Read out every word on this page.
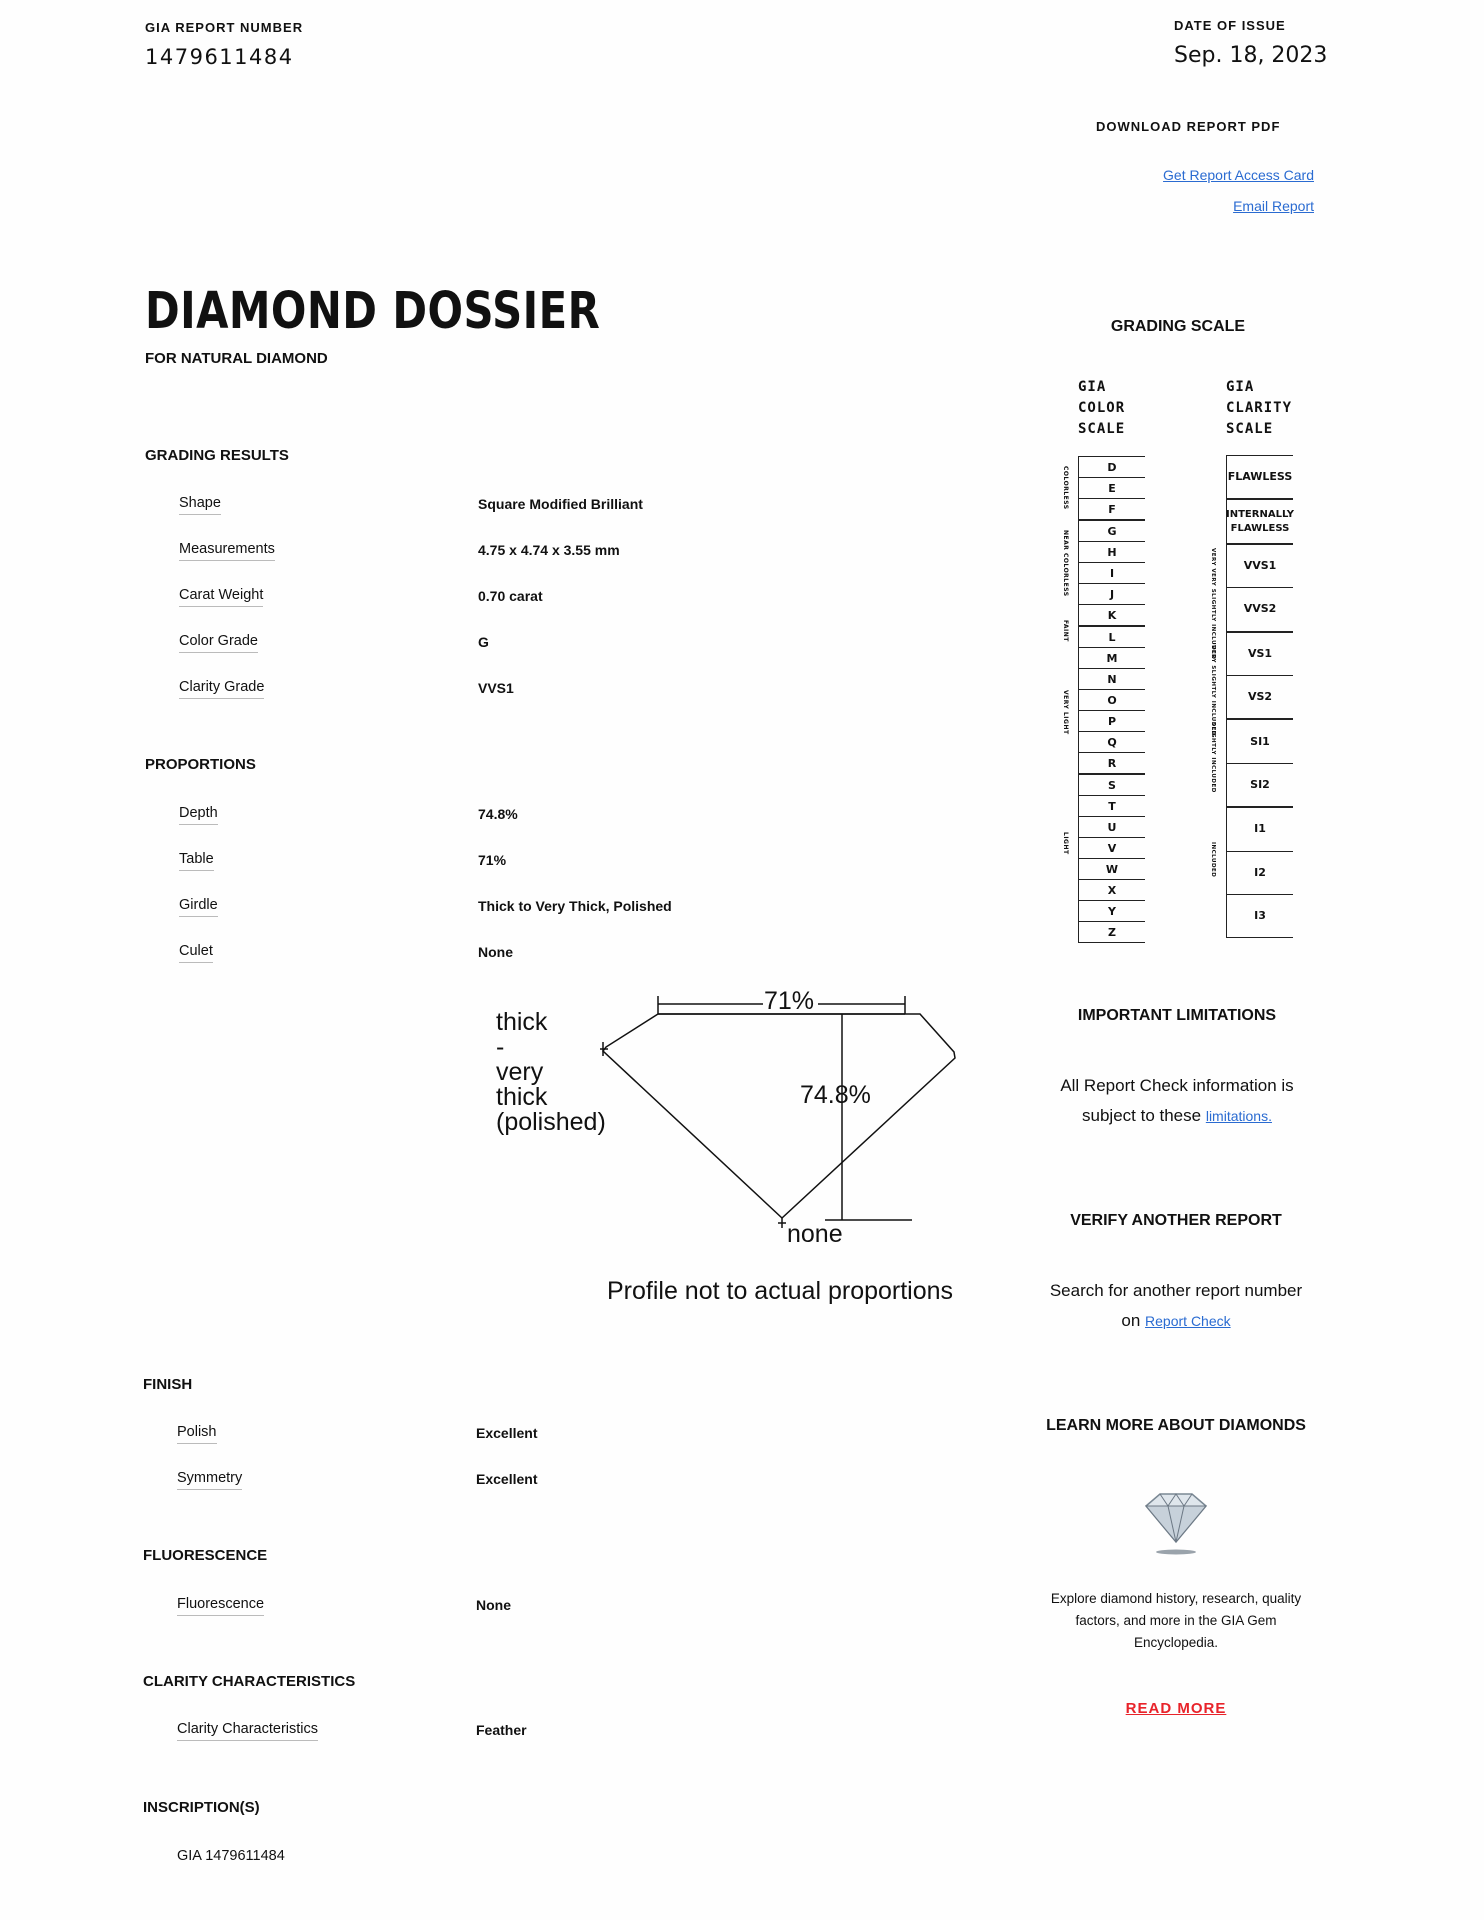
GIA REPORT NUMBER
1479611484
DATE OF ISSUE
Sep. 18, 2023
DOWNLOAD REPORT PDF
Get Report Access Card
Email Report
DIAMOND DOSSIER
FOR NATURAL DIAMOND
GRADING RESULTS
Shape	Square Modified Brilliant
Measurements	4.75 x 4.74 x 3.55 mm
Carat Weight	0.70 carat
Color Grade	G
Clarity Grade	VVS1
PROPORTIONS
Depth	74.8%
Table	71%
Girdle	Thick to Very Thick, Polished
Culet	None
thick
-
very
thick
(polished)
71%
74.8%
none
Profile not to actual proportions
FINISH
Polish	Excellent
Symmetry	Excellent
FLUORESCENCE
Fluorescence	None
CLARITY CHARACTERISTICS
Clarity Characteristics	Feather
INSCRIPTION(S)
GIA 1479611484
GRADING SCALE
GIA
COLOR
SCALE
GIA
CLARITY
SCALE
D
E
F
G
H
I
J
K
L
M
N
O
P
Q
R
S
T
U
V
W
X
Y
Z
COLORLESS
NEAR COLORLESS
FAINT
VERY LIGHT
LIGHT
FLAWLESS
INTERNALLY FLAWLESS
VVS1
VVS2
VS1
VS2
SI1
SI2
I1
I2
I3
VERY VERY SLIGHTLY INCLUDED
VERY SLIGHTLY INCLUDED
SLIGHTLY INCLUDED
INCLUDED
IMPORTANT LIMITATIONS
All Report Check information is
subject to these limitations.
VERIFY ANOTHER REPORT
Search for another report number
on Report Check
LEARN MORE ABOUT DIAMONDS
Explore diamond history, research, quality
factors, and more in the GIA Gem
Encyclopedia.
READ MORE
